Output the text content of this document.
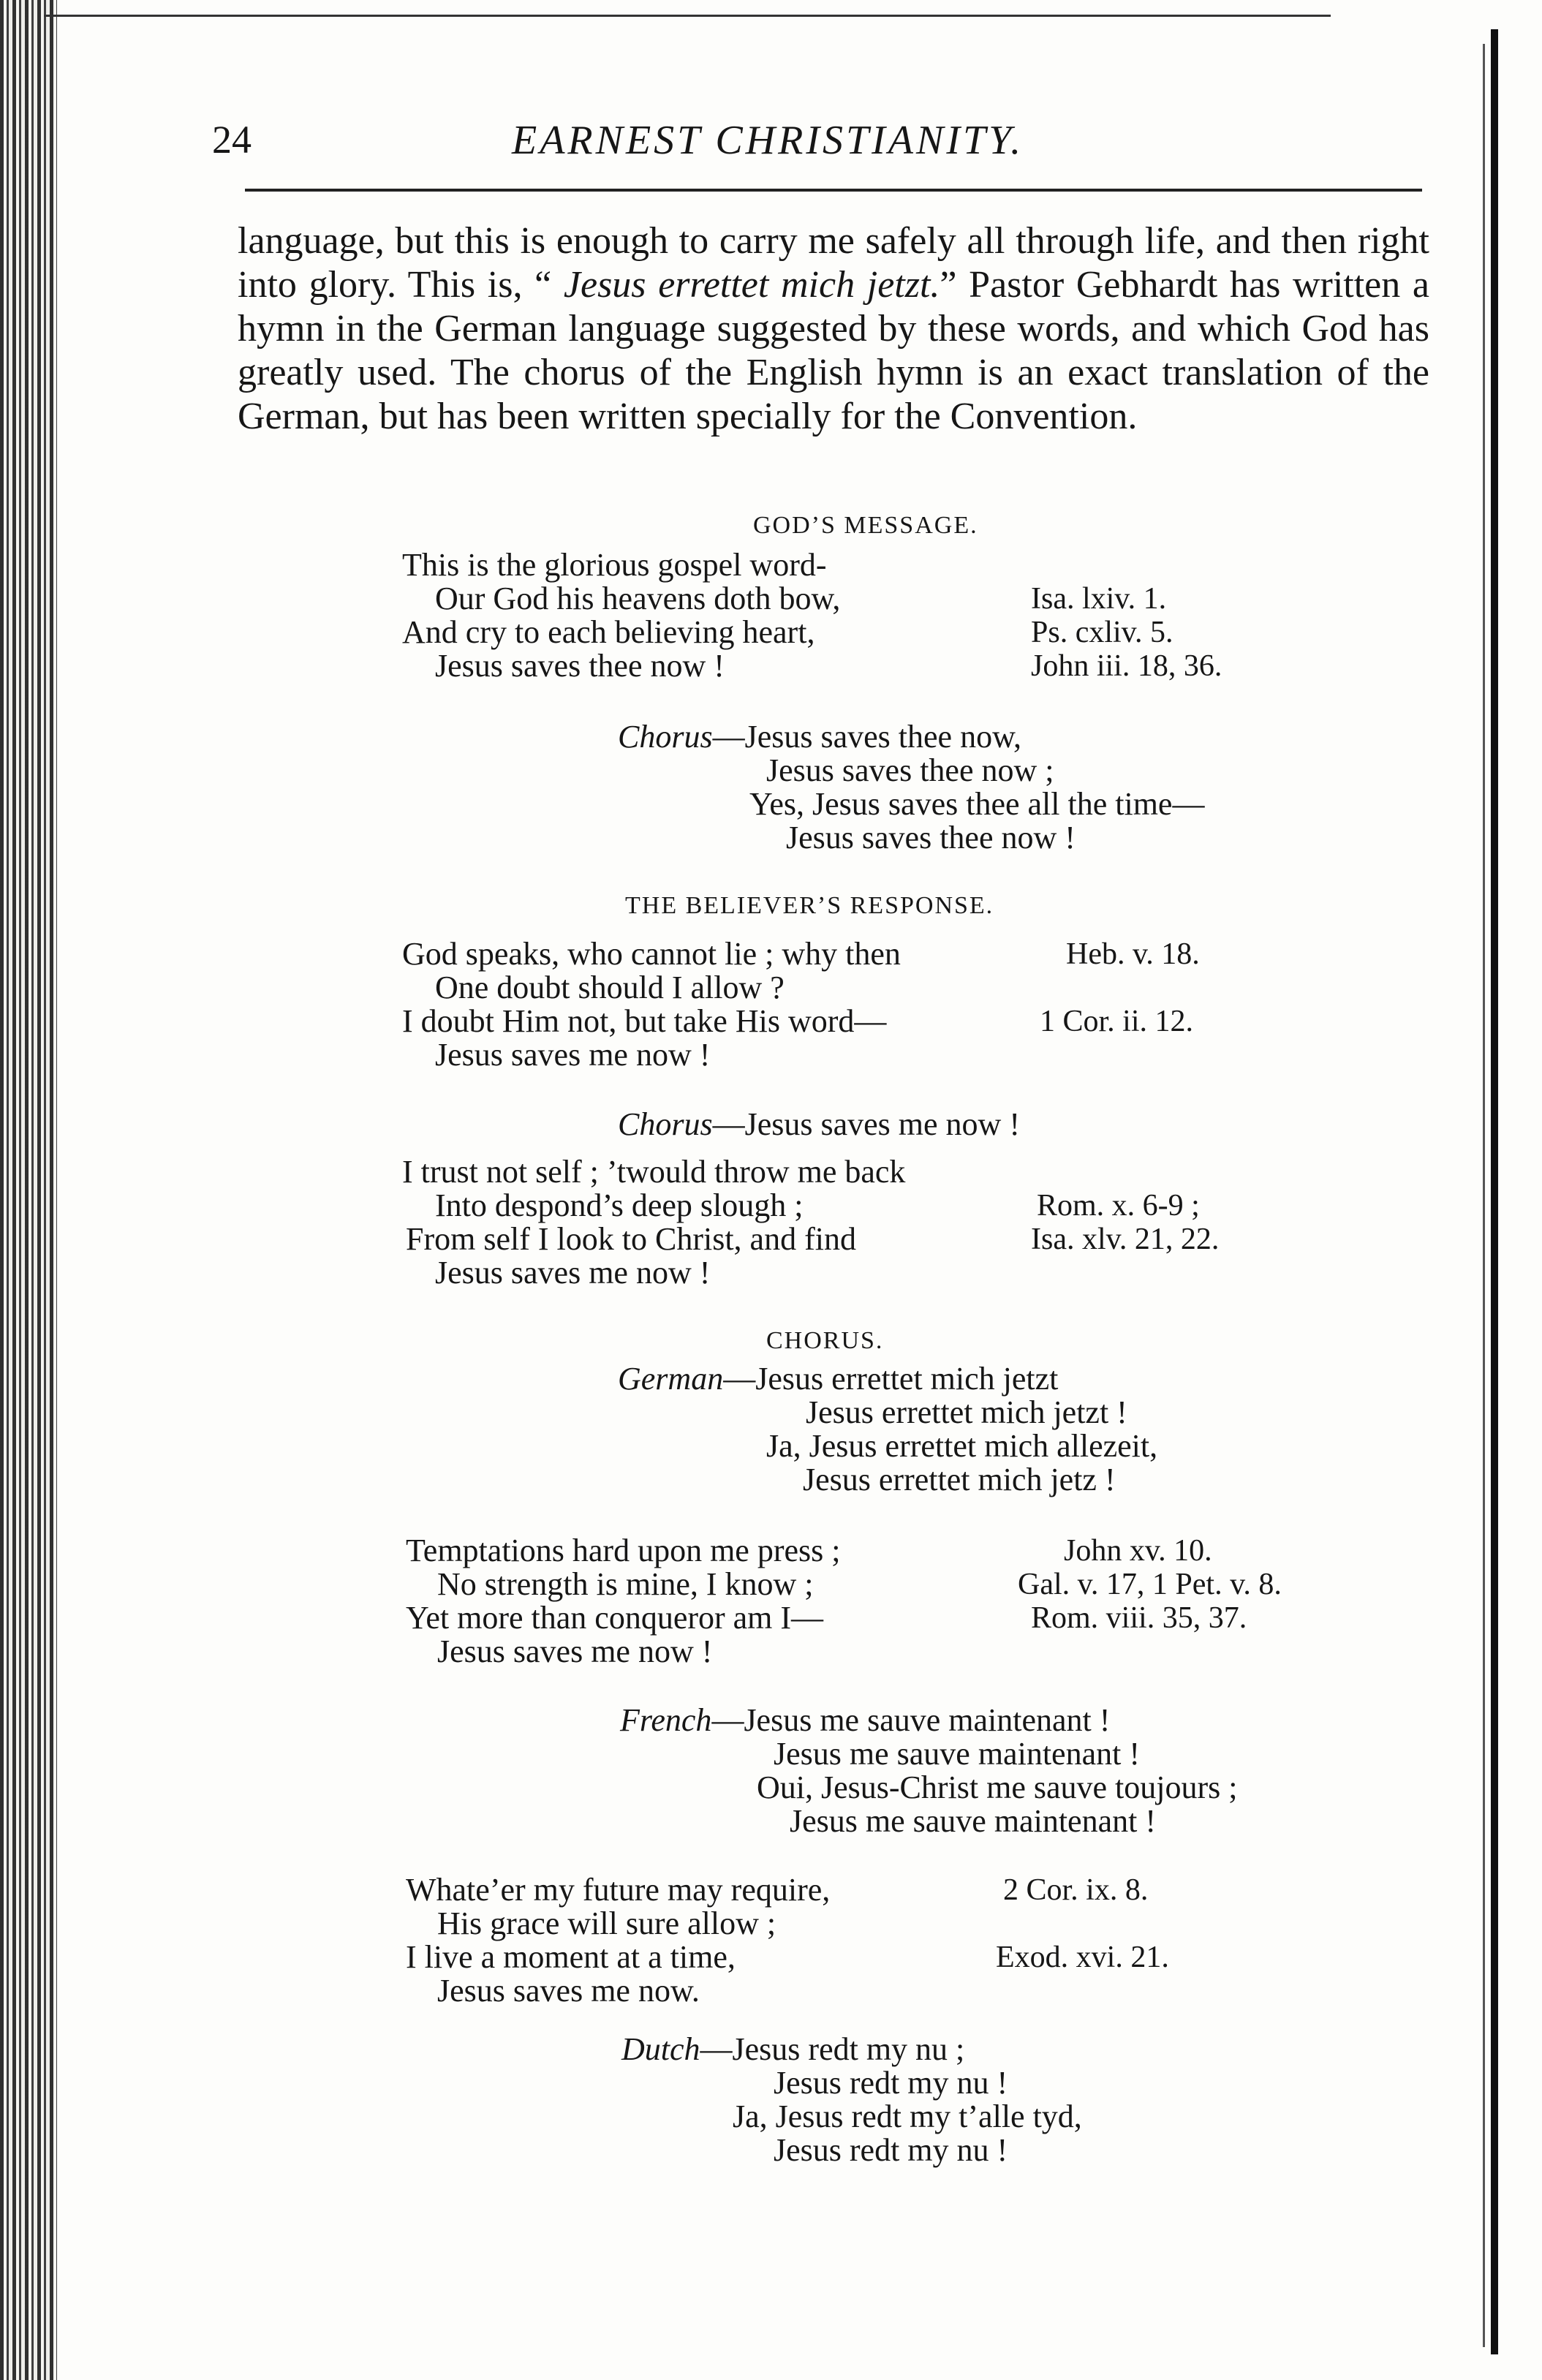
24	EARNEST CHRISTIANITY.
language, but this is enough to carry me safely all through life, and then right into glory. This is, “ Jesus errettet mich jetzt.” Pastor Gebhardt has written a hymn in the German language suggested by these words, and which God has greatly used. The chorus of the English hymn is an exact translation of the German, but has been written specially for the Convention.
GOD’S MESSAGE.
This is the glorious gospel word-
Our God his heavens doth bow,
And cry to each believing heart,
Jesus saves thee now !
Isa. lxiv. 1.
Ps. cxliv. 5.
John iii. 18, 36.
Chorus—Jesus saves thee now,
Jesus saves thee now ;
Yes, Jesus saves thee all the time—
Jesus saves thee now !
THE BELIEVER’S RESPONSE.
God speaks, who cannot lie ; why then
One doubt should I allow ?
I doubt Him not, but take His word—
Jesus saves me now !
Heb. v. 18.
1 Cor. ii. 12.
Chorus—Jesus saves me now !
I trust not self ; ’twould throw me back
Into despond’s deep slough ;
From self I look to Christ, and find
Jesus saves me now !
Rom. x. 6-9 ;
Isa. xlv. 21, 22.
CHORUS.
German—Jesus errettet mich jetzt
Jesus errettet mich jetzt !
Ja, Jesus errettet mich allezeit,
Jesus errettet mich jetz !
Temptations hard upon me press ;
No strength is mine, I know ;
Yet more than conqueror am I—
Jesus saves me now !
John xv. 10.
Gal. v. 17, 1 Pet. v. 8.
Rom. viii. 35, 37.
French—Jesus me sauve maintenant !
Jesus me sauve maintenant !
Oui, Jesus-Christ me sauve toujours ;
Jesus me sauve maintenant !
Whate’er my future may require,
His grace will sure allow ;
I live a moment at a time,
Jesus saves me now.
2 Cor. ix. 8.
Exod. xvi. 21.
Dutch—Jesus redt my nu ;
Jesus redt my nu !
Ja, Jesus redt my t’alle tyd,
Jesus redt my nu !
